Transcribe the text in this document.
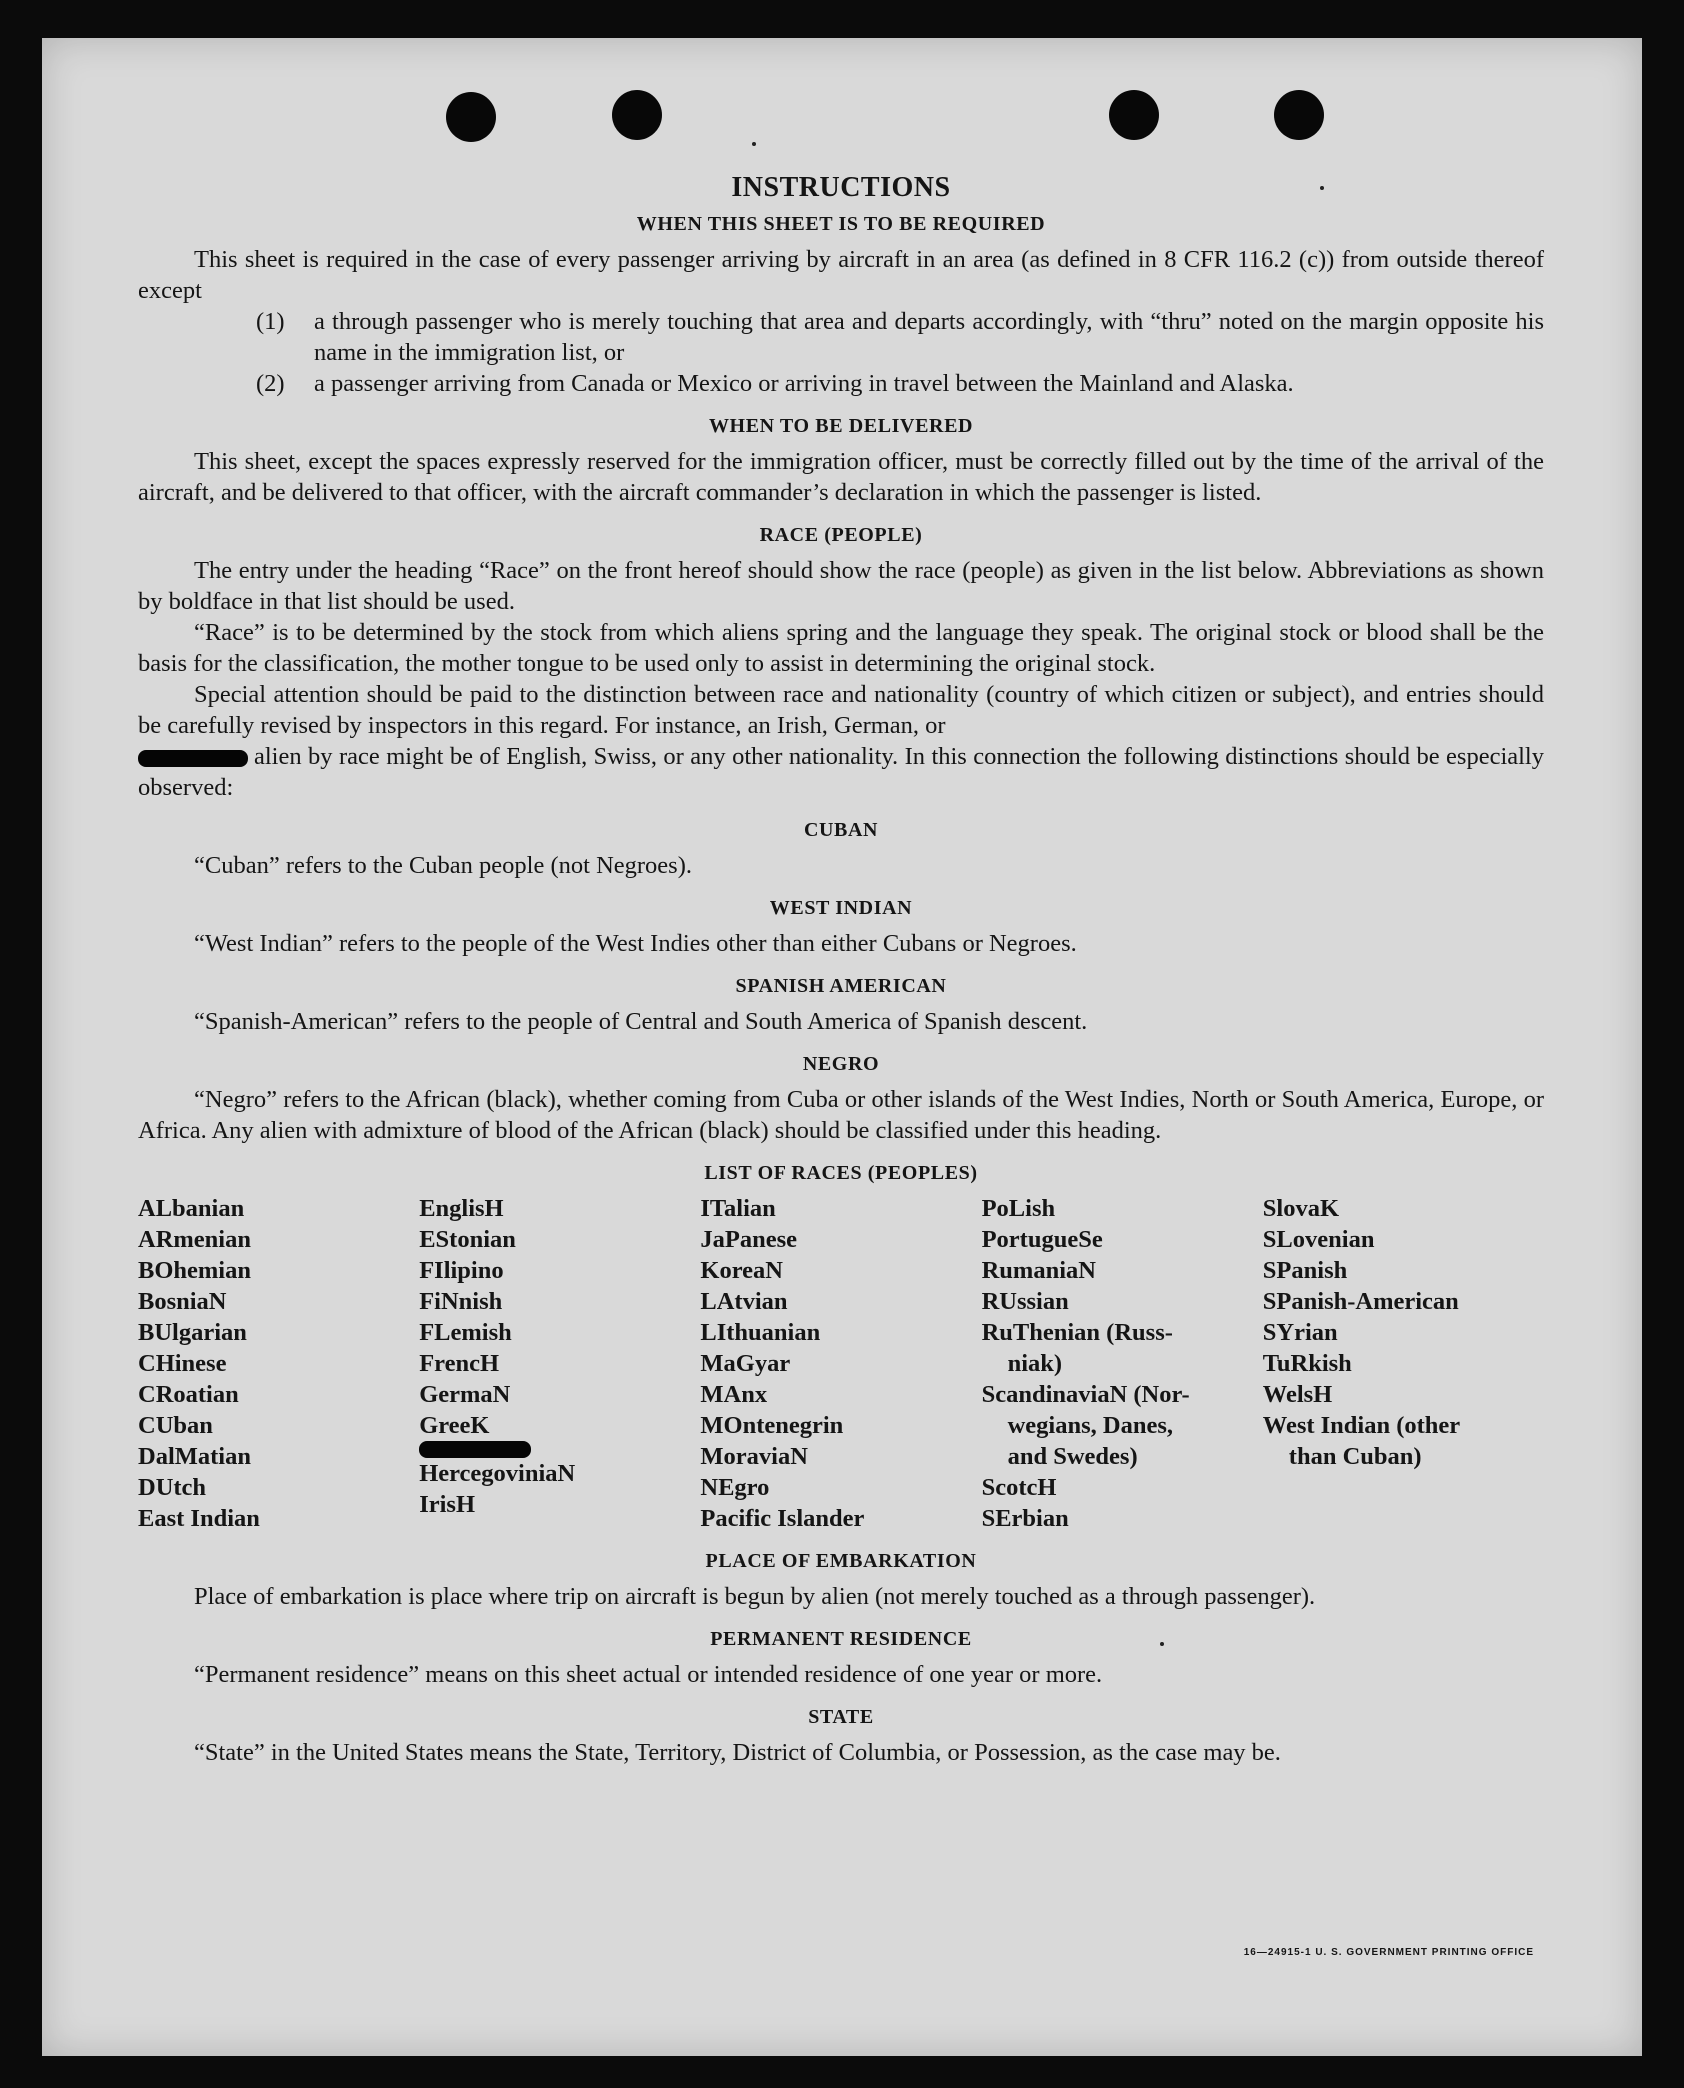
INSTRUCTIONS
WHEN THIS SHEET IS TO BE REQUIRED

This sheet is required in the case of every passenger arriving by aircraft in an area (as defined in 8 CFR 116.2 (c)) from outside thereof except

(1)	a through passenger who is merely touching that area and departs accordingly, with “thru” noted on the margin opposite his name in the immigration list, or
(2)	a passenger arriving from Canada or Mexico or arriving in travel between the Mainland and Alaska.
WHEN TO BE DELIVERED

This sheet, except the spaces expressly reserved for the immigration officer, must be correctly filled out by the time of the arrival of the aircraft, and be delivered to that officer, with the aircraft commander’s declaration in which the passenger is listed.

RACE (PEOPLE)

The entry under the heading “Race” on the front hereof should show the race (people) as given in the list below. Abbreviations as shown by boldface in that list should be used.

“Race” is to be determined by the stock from which aliens spring and the language they speak. The original stock or blood shall be the basis for the classification, the mother tongue to be used only to assist in determining the original stock.

Special attention should be paid to the distinction between race and nationality (country of which citizen or subject), and entries should be carefully revised by inspectors in this regard. For instance, an Irish, German, or
alien by race might be of English, Swiss, or any other nationality. In this connection the following distinctions should be especially observed:

CUBAN

“Cuban” refers to the Cuban people (not Negroes).

WEST INDIAN

“West Indian” refers to the people of the West Indies other than either Cubans or Negroes.

SPANISH AMERICAN

“Spanish-American” refers to the people of Central and South America of Spanish descent.

NEGRO

“Negro” refers to the African (black), whether coming from Cuba or other islands of the West Indies, North or South America, Europe, or Africa. Any alien with admixture of blood of the African (black) should be classified under this heading.

LIST OF RACES (PEOPLES)
ALbanian
ARmenian
BOhemian
BosniaN
BUlgarian
CHinese
CRoatian
CUban
DalMatian
DUtch
East Indian
EnglisH
EStonian
FIlipino
FiNnish
FLemish
FrencH
GermaN
GreeK
HercegoviniaN
IrisH
ITalian
JaPanese
KoreaN
LAtvian
LIthuanian
MaGyar
MAnx
MOntenegrin
MoraviaN
NEgro
Pacific Islander
PoLish
PortugueSe
RumaniaN
RUssian
RuThenian (Russ-
niak)
ScandinaviaN (Nor-
wegians, Danes,
and Swedes)
ScotcH
SErbian
SlovaK
SLovenian
SPanish
SPanish-American
SYrian
TuRkish
WelsH
West Indian (other
than Cuban)
PLACE OF EMBARKATION

Place of embarkation is place where trip on aircraft is begun by alien (not merely touched as a through passenger).

PERMANENT RESIDENCE

“Permanent residence” means on this sheet actual or intended residence of one year or more.

STATE

“State” in the United States means the State, Territory, District of Columbia, or Possession, as the case may be.

16—24915-1 U. S. GOVERNMENT PRINTING OFFICE
